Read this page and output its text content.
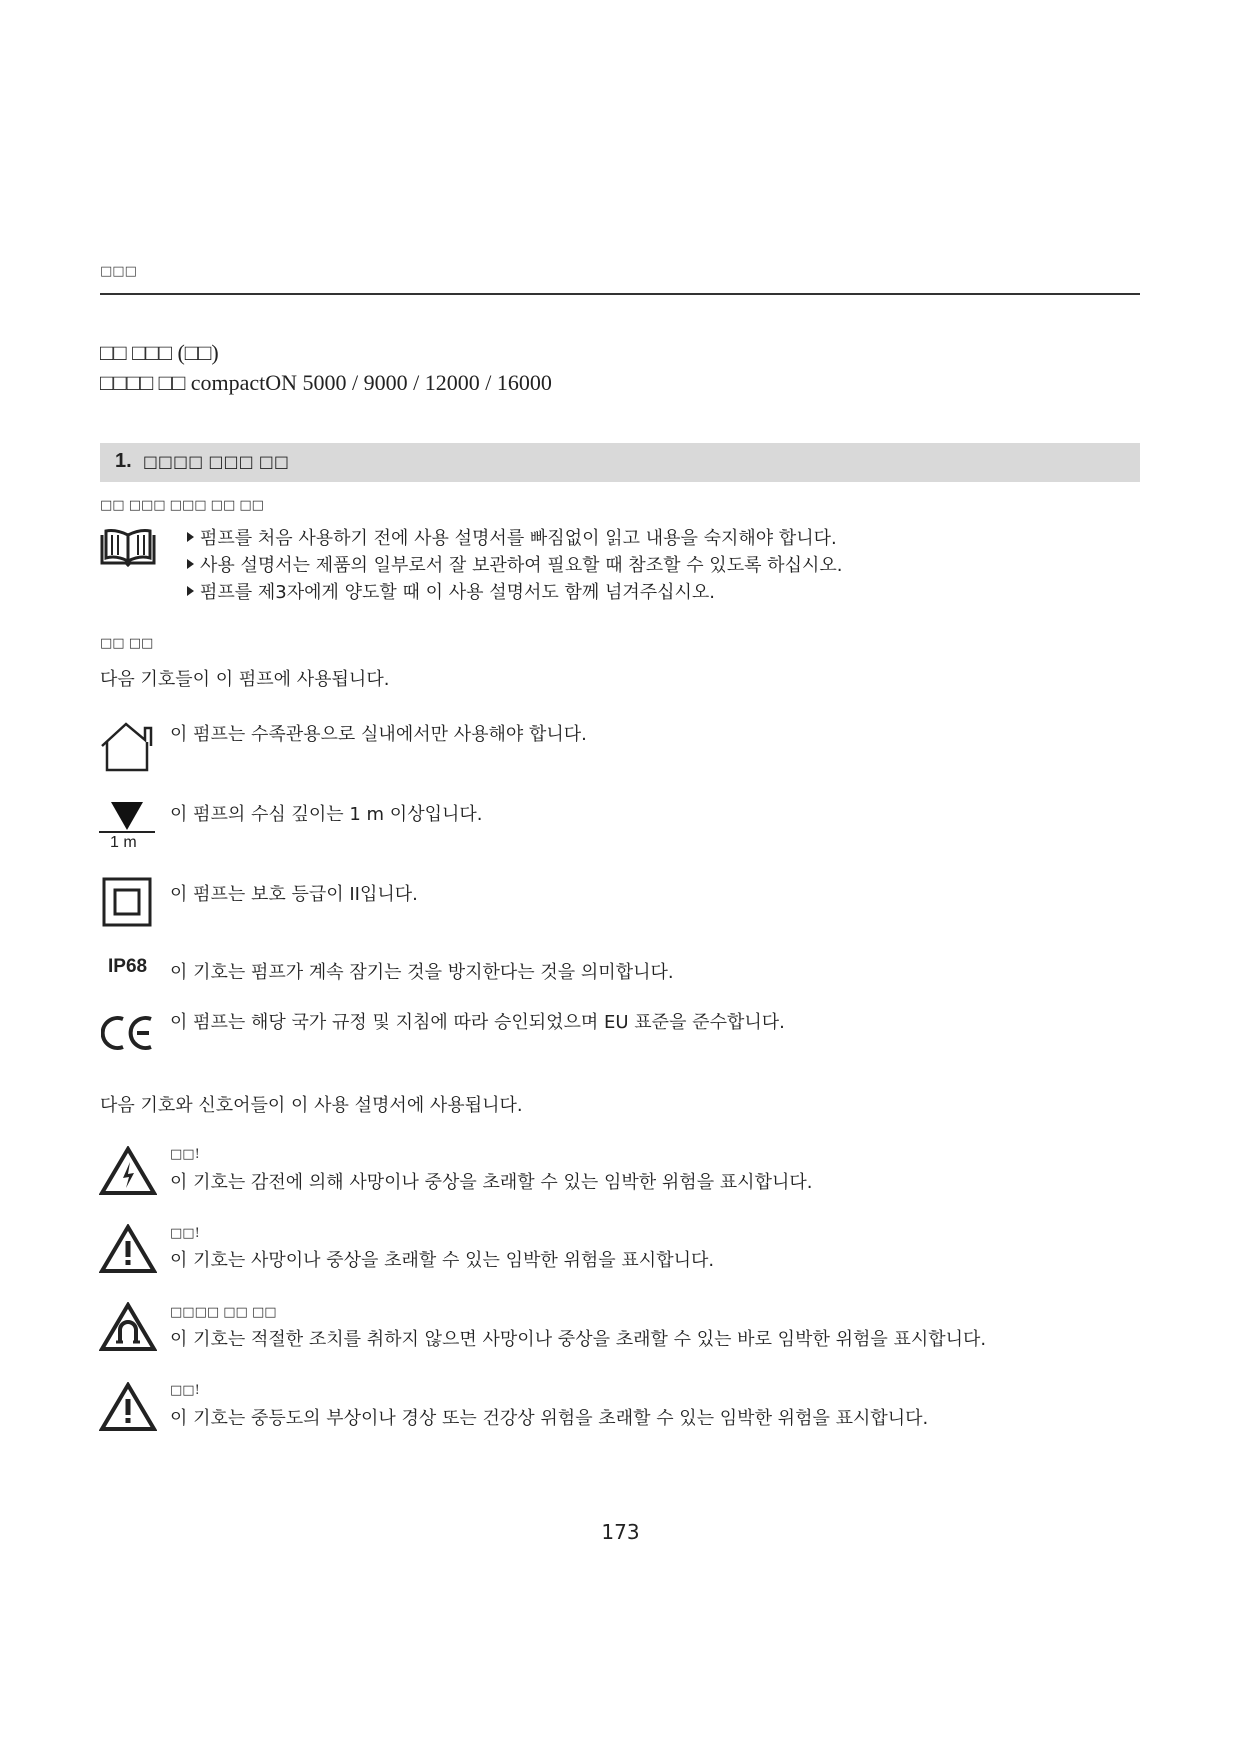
□□□
□□ □□□ (□□)
□□□□ □□ compactON 5000 / 9000 / 12000 / 16000
1. □□□□ □□□ □□
□□ □□□ □□□ □□ □□
펌프를 처음 사용하기 전에 사용 설명서를 빠짐없이 읽고 내용을 숙지해야 합니다.
사용 설명서는 제품의 일부로서 잘 보관하여 필요할 때 참조할 수 있도록 하십시오.
펌프를 제3자에게 양도할 때 이 사용 설명서도 함께 넘겨주십시오.
□□ □□
다음 기호들이 이 펌프에 사용됩니다.
이 펌프는 수족관용으로 실내에서만 사용해야 합니다.
1 m
이 펌프의 수심 깊이는 1 m 이상입니다.
이 펌프는 보호 등급이 II입니다.
IP68 이 기호는 펌프가 계속 잠기는 것을 방지한다는 것을 의미합니다.
이 펌프는 해당 국가 규정 및 지침에 따라 승인되었으며 EU 표준을 준수합니다.
다음 기호와 신호어들이 이 사용 설명서에 사용됩니다.
□□!
이 기호는 감전에 의해 사망이나 중상을 초래할 수 있는 임박한 위험을 표시합니다.
□□!
이 기호는 사망이나 중상을 초래할 수 있는 임박한 위험을 표시합니다.
□□□□ □□ □□
이 기호는 적절한 조치를 취하지 않으면 사망이나 중상을 초래할 수 있는 바로 임박한 위험을 표시합니다.
□□!
이 기호는 중등도의 부상이나 경상 또는 건강상 위험을 초래할 수 있는 임박한 위험을 표시합니다.
173
